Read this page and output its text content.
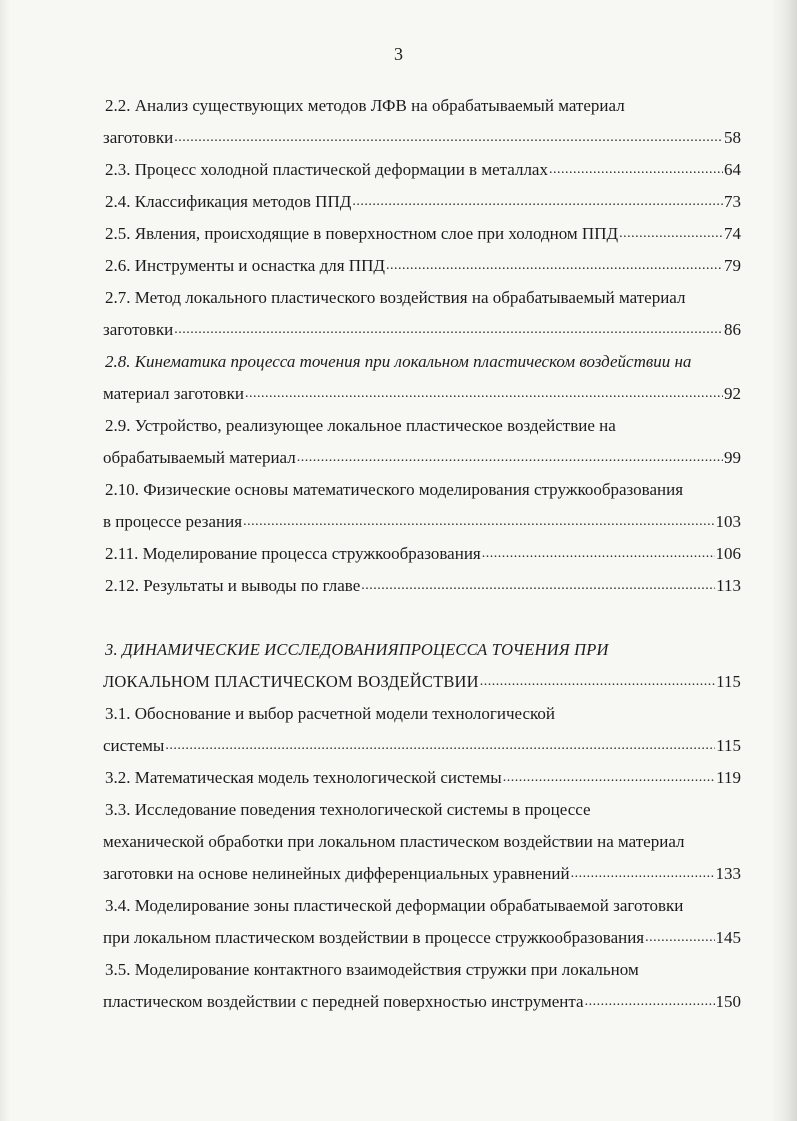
3
2.2. Анализ существующих методов ЛФВ на обрабатываемый материал
заготовки .....	58
2.3. Процесс холодной пластической деформации в металлах .....	64
2.4. Классификация методов ППД .....	73
2.5. Явления, происходящие в поверхностном слое при холодном ППД .....	74
2.6. Инструменты и оснастка для ППД .....	79
2.7. Метод локального пластического воздействия на обрабатываемый материал
заготовки .....	86
2.8. Кинематика процесса точения при локальном пластическом воздействии на
материал заготовки .....	92
2.9. Устройство, реализующее локальное пластическое воздействие на
обрабатываемый материал .....	99
2.10. Физические основы математического моделирования стружкообразования
в процессе резания .....	103
2.11. Моделирование процесса стружкообразования .....	106
2.12. Результаты и выводы по главе .....	113
3. ДИНАМИЧЕСКИЕ ИССЛЕДОВАНИЯПРОЦЕССА ТОЧЕНИЯ ПРИ
ЛОКАЛЬНОМ ПЛАСТИЧЕСКОМ ВОЗДЕЙСТВИИ .....	115
3.1. Обоснование и выбор расчетной модели технологической
системы .....	115
3.2. Математическая модель технологической системы .....	119
3.3. Исследование поведения технологической системы в процессе
механической обработки при локальном пластическом воздействии на материал
заготовки на основе нелинейных дифференциальных уравнений .....	133
3.4. Моделирование зоны пластической деформации обрабатываемой заготовки
при локальном пластическом воздействии в процессе стружкообразования .....	145
3.5. Моделирование контактного взаимодействия стружки при локальном
пластическом воздействии с передней поверхностью инструмента .....	150
